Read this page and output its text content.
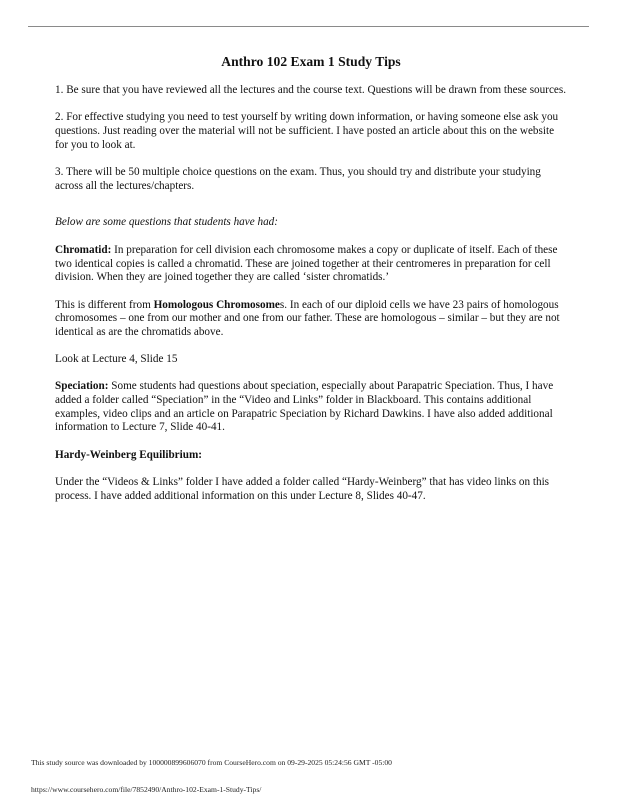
Anthro 102 Exam 1 Study Tips

1. Be sure that you have reviewed all the lectures and the course text. Questions will be drawn from these sources.

2. For effective studying you need to test yourself by writing down information, or having someone else ask you questions. Just reading over the material will not be sufficient. I have posted an article about this on the website for you to look at.

3. There will be 50 multiple choice questions on the exam. Thus, you should try and distribute your studying across all the lectures/chapters.

Below are some questions that students have had:

Chromatid: In preparation for cell division each chromosome makes a copy or duplicate of itself. Each of these two identical copies is called a chromatid. These are joined together at their centromeres in preparation for cell division. When they are joined together they are called ‘sister chromatids.’

This is different from Homologous Chromosomes. In each of our diploid cells we have 23 pairs of homologous chromosomes – one from our mother and one from our father. These are homologous – similar – but they are not identical as are the chromatids above.

Look at Lecture 4, Slide 15

Speciation: Some students had questions about speciation, especially about Parapatric Speciation. Thus, I have added a folder called “Speciation” in the “Video and Links” folder in Blackboard. This contains additional examples, video clips and an article on Parapatric Speciation by Richard Dawkins. I have also added additional information to Lecture 7, Slide 40-41.

Hardy-Weinberg Equilibrium:

Under the “Videos & Links” folder I have added a folder called “Hardy-Weinberg” that has video links on this process. I have added additional information on this under Lecture 8, Slides 40-47.

This study source was downloaded by 100000899606070 from CourseHero.com on 09-29-2025 05:24:56 GMT -05:00
https://www.coursehero.com/file/7852490/Anthro-102-Exam-1-Study-Tips/
